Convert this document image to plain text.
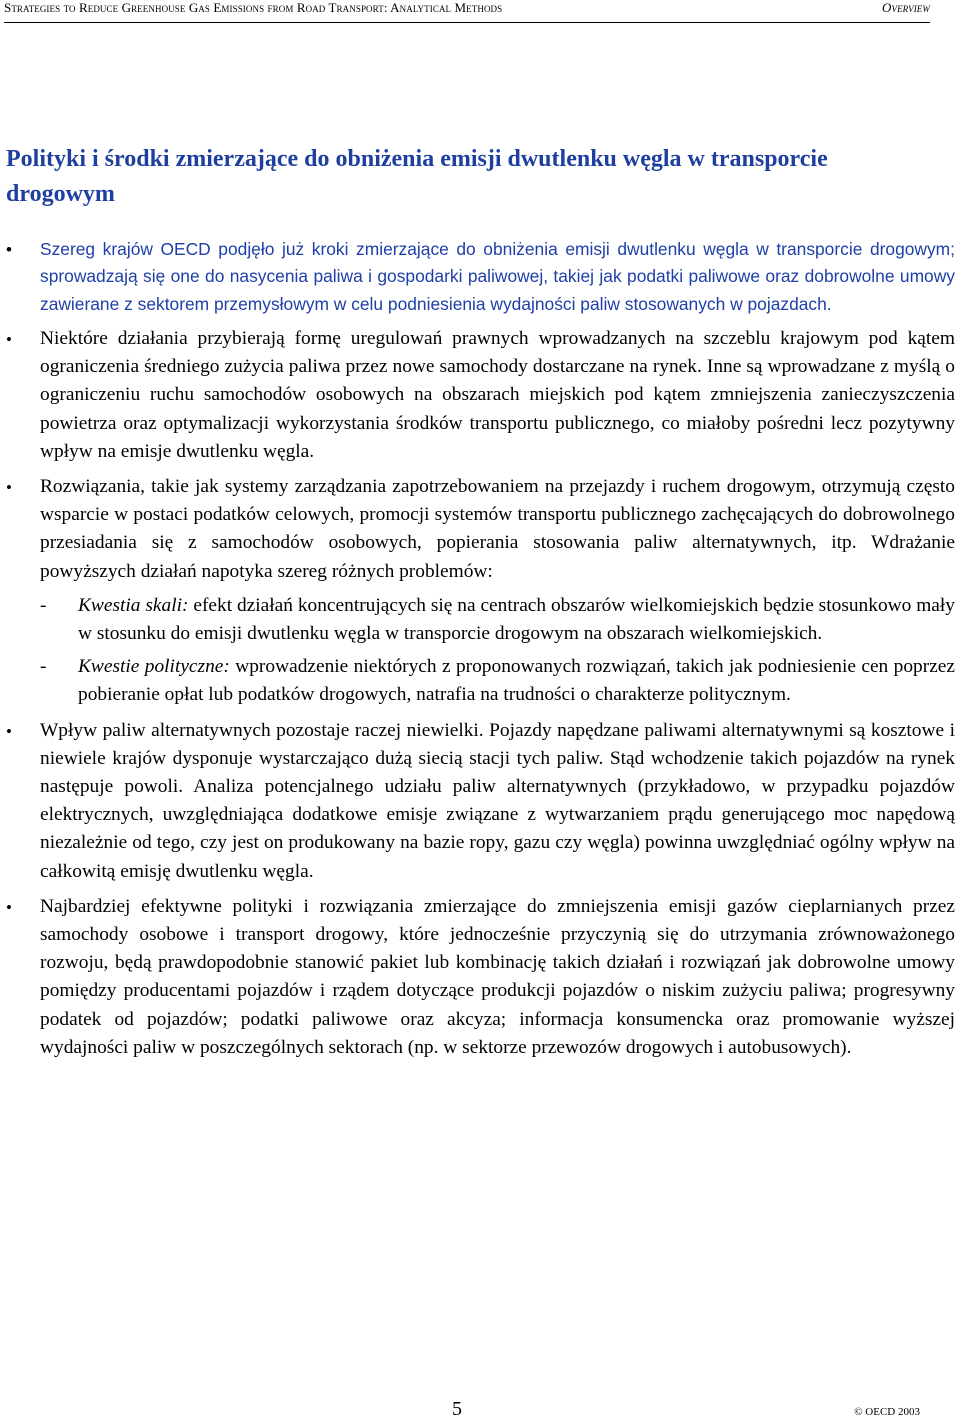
Strategies to Reduce Greenhouse Gas Emissions from Road Transport: Analytical Methods	Overview
Polityki i środki zmierzające do obniżenia emisji dwutlenku węgla w transporcie drogowym
• Szereg krajów OECD podjęło już kroki zmierzające do obniżenia emisji dwutlenku węgla w transporcie drogowym; sprowadzają się one do nasycenia paliwa i gospodarki paliwowej, takiej jak podatki paliwowe oraz dobrowolne umowy zawierane z sektorem przemysłowym w celu podniesienia wydajności paliw stosowanych w pojazdach.
• Niektóre działania przybierają formę uregulowań prawnych wprowadzanych na szczeblu krajowym pod kątem ograniczenia średniego zużycia paliwa przez nowe samochody dostarczane na rynek. Inne są wprowadzane z myślą o ograniczeniu ruchu samochodów osobowych na obszarach miejskich pod kątem zmniejszenia zanieczyszczenia powietrza oraz optymalizacji wykorzystania środków transportu publicznego, co miałoby pośredni lecz pozytywny wpływ na emisje dwutlenku węgla.
• Rozwiązania, takie jak systemy zarządzania zapotrzebowaniem na przejazdy i ruchem drogowym, otrzymują często wsparcie w postaci podatków celowych, promocji systemów transportu publicznego zachęcających do dobrowolnego przesiadania się z samochodów osobowych, popierania stosowania paliw alternatywnych, itp. Wdrażanie powyższych działań napotyka szereg różnych problemów:
- Kwestia skali: efekt działań koncentrujących się na centrach obszarów wielkomiejskich będzie stosunkowo mały w stosunku do emisji dwutlenku węgla w transporcie drogowym na obszarach wielkomiejskich.
- Kwestie polityczne: wprowadzenie niektórych z proponowanych rozwiązań, takich jak podniesienie cen poprzez pobieranie opłat lub podatków drogowych, natrafia na trudności o charakterze politycznym.
• Wpływ paliw alternatywnych pozostaje raczej niewielki. Pojazdy napędzane paliwami alternatywnymi są kosztowe i niewiele krajów dysponuje wystarczająco dużą siecią stacji tych paliw. Stąd wchodzenie takich pojazdów na rynek następuje powoli. Analiza potencjalnego udziału paliw alternatywnych (przykładowo, w przypadku pojazdów elektrycznych, uwzględniająca dodatkowe emisje związane z wytwarzaniem prądu generującego moc napędową niezależnie od tego, czy jest on produkowany na bazie ropy, gazu czy węgla) powinna uwzględniać ogólny wpływ na całkowitą emisję dwutlenku węgla.
• Najbardziej efektywne polityki i rozwiązania zmierzające do zmniejszenia emisji gazów cieplarnianych przez samochody osobowe i transport drogowy, które jednocześnie przyczynią się do utrzymania zrównoważonego rozwoju, będą prawdopodobnie stanowić pakiet lub kombinację takich działań i rozwiązań jak dobrowolne umowy pomiędzy producentami pojazdów i rządem dotyczące produkcji pojazdów o niskim zużyciu paliwa; progresywny podatek od pojazdów; podatki paliwowe oraz akcyza; informacja konsumencka oraz promowanie wyższej wydajności paliw w poszczególnych sektorach (np. w sektorze przewozów drogowych i autobusowych).
5	© OECD 2003
